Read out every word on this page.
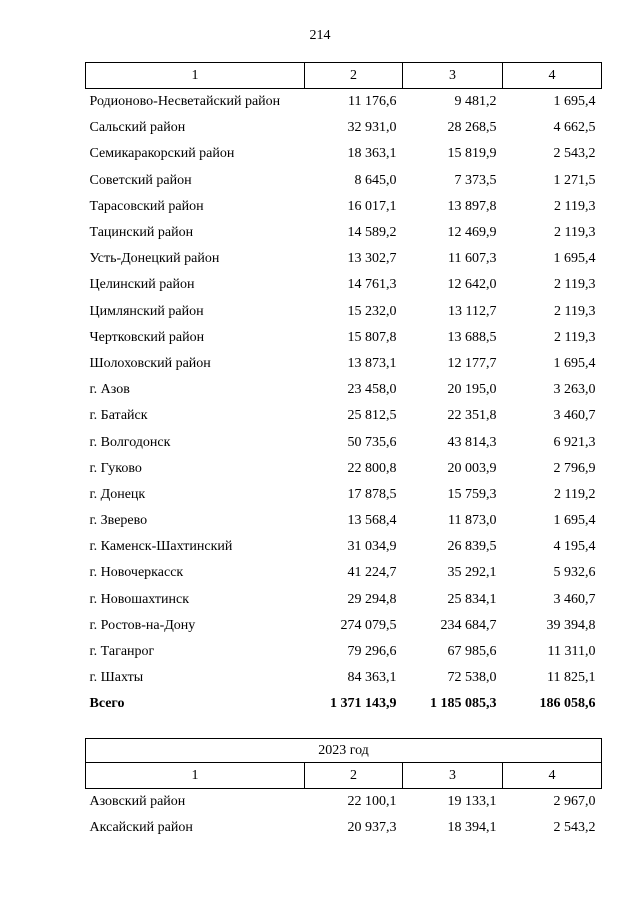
214
1	2	3	4
Родионово-Несветайский район	11 176,6	9 481,2	1 695,4
Сальский район	32 931,0	28 268,5	4 662,5
Семикаракорский район	18 363,1	15 819,9	2 543,2
Советский район	8 645,0	7 373,5	1 271,5
Тарасовский район	16 017,1	13 897,8	2 119,3
Тацинский район	14 589,2	12 469,9	2 119,3
Усть-Донецкий район	13 302,7	11 607,3	1 695,4
Целинский район	14 761,3	12 642,0	2 119,3
Цимлянский район	15 232,0	13 112,7	2 119,3
Чертковский район	15 807,8	13 688,5	2 119,3
Шолоховский район	13 873,1	12 177,7	1 695,4
г. Азов	23 458,0	20 195,0	3 263,0
г. Батайск	25 812,5	22 351,8	3 460,7
г. Волгодонск	50 735,6	43 814,3	6 921,3
г. Гуково	22 800,8	20 003,9	2 796,9
г. Донецк	17 878,5	15 759,3	2 119,2
г. Зверево	13 568,4	11 873,0	1 695,4
г. Каменск-Шахтинский	31 034,9	26 839,5	4 195,4
г. Новочеркасск	41 224,7	35 292,1	5 932,6
г. Новошахтинск	29 294,8	25 834,1	3 460,7
г. Ростов-на-Дону	274 079,5	234 684,7	39 394,8
г. Таганрог	79 296,6	67 985,6	11 311,0
г. Шахты	84 363,1	72 538,0	11 825,1
Всего	1 371 143,9	1 185 085,3	186 058,6
2023 год			
1	2	3	4
Азовский район	22 100,1	19 133,1	2 967,0
Аксайский район	20 937,3	18 394,1	2 543,2
